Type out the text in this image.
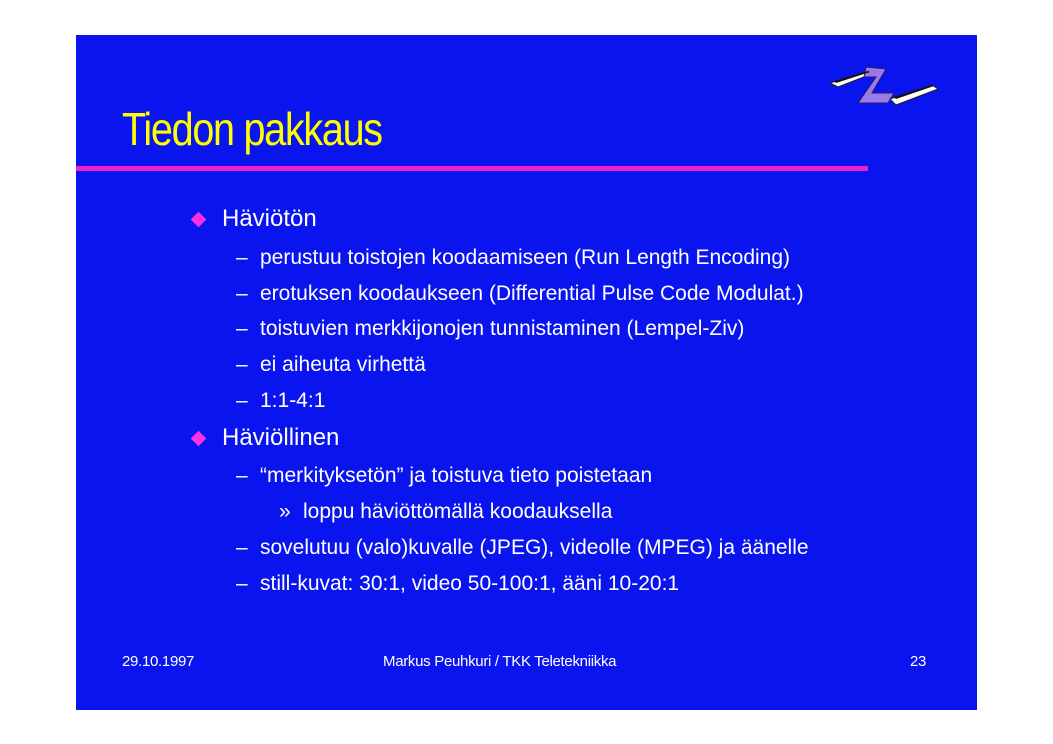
Tiedon pakkaus

Häviötön

– perustuu toistojen koodaamiseen (Run Length Encoding)

– erotuksen koodaukseen (Differential Pulse Code Modulat.)

– toistuvien merkkijonojen tunnistaminen (Lempel-Ziv)

– ei aiheuta virhettä

– 1:1-4:1

Häviöllinen

– “merkityksetön” ja toistuva tieto poistetaan

» loppu häviöttömällä koodauksella

– sovelutuu (valo)kuvalle (JPEG), videolle (MPEG) ja äänelle

– still-kuvat: 30:1, video 50-100:1, ääni 10-20:1

29.10.1997	Markus Peuhkuri / TKK Teletekniikka	23
